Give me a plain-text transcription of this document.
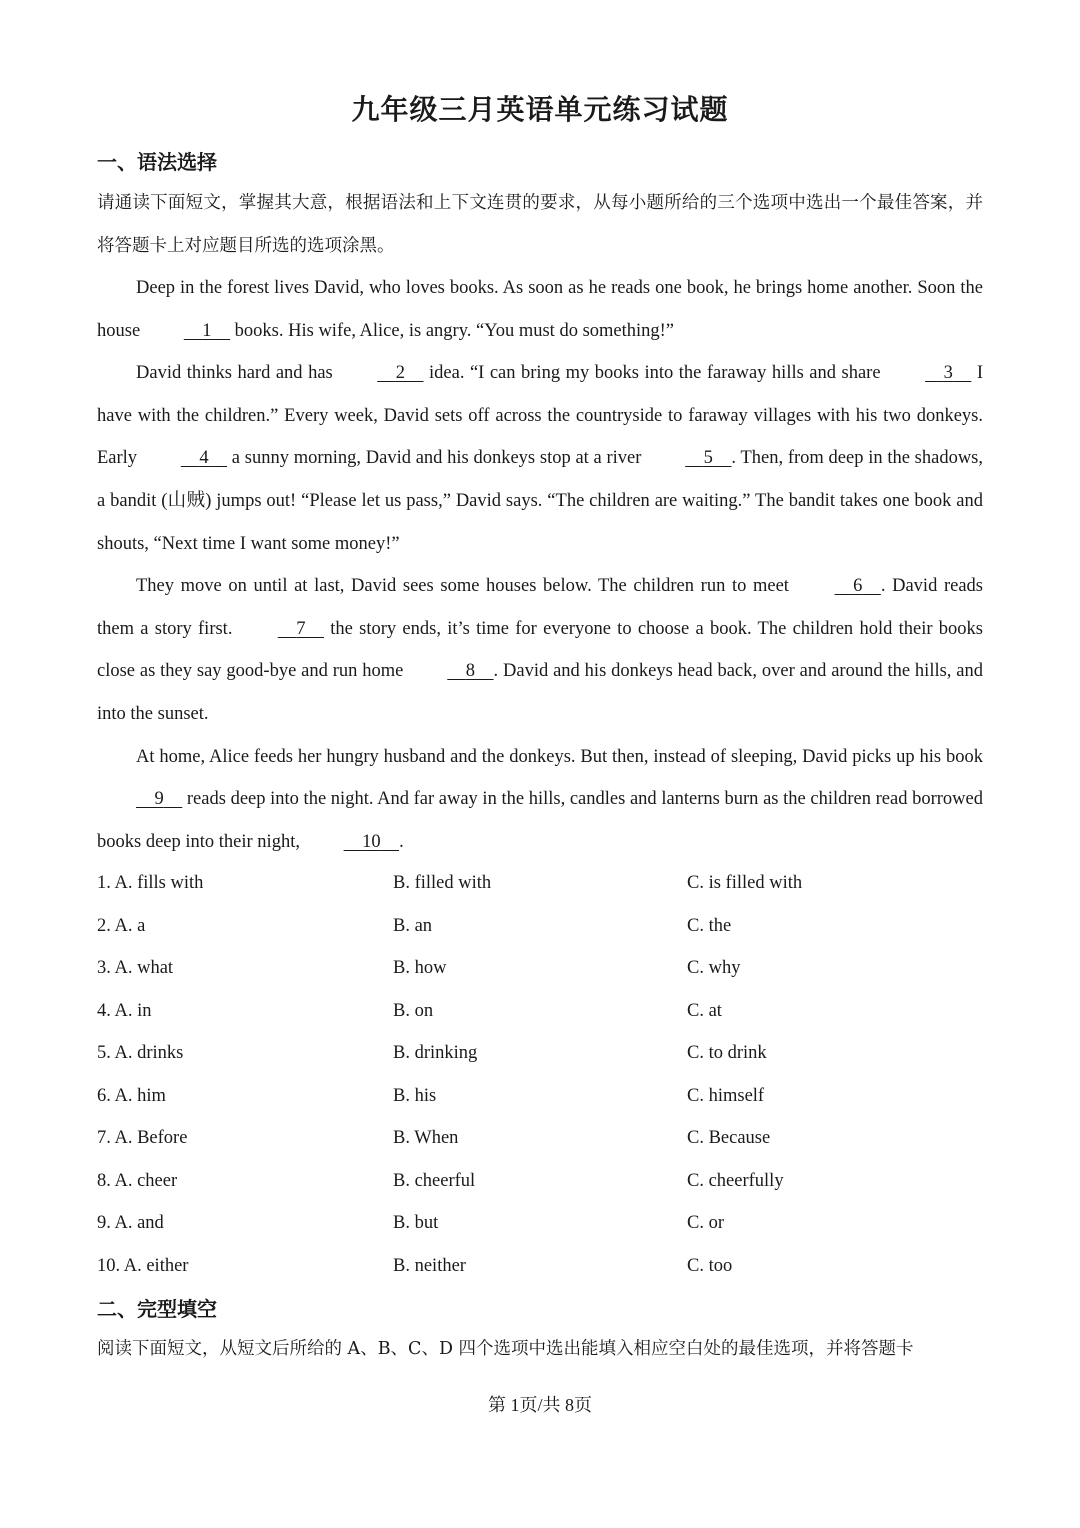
九年级三月英语单元练习试题
一、语法选择
请通读下面短文，掌握其大意，根据语法和上下文连贯的要求，从每小题所给的三个选项中选出一个最佳答案，并将答题卡上对应题目所选的选项涂黑。

Deep in the forest lives David, who loves books. As soon as he reads one book, he brings home another. Soon the house	1     books. His wife, Alice, is angry. “You must do something!”

David thinks hard and has	2     idea. “I can bring my books into the faraway hills and share	3     I have with the children.” Every week, David sets off across the countryside to faraway villages with his two donkeys. Early	4     a sunny morning, David and his donkeys stop at a river	5 . Then, from deep in the shadows, a bandit (山贼) jumps out! “Please let us pass,” David says. “The children are waiting.” The bandit takes one book and shouts, “Next time I want some money!”

They move on until at last, David sees some houses below. The children run to meet	6 . David reads them a story first.	7     the story ends, it’s time for everyone to choose a book. The children hold their books close as they say good-bye and run home	8 . David and his donkeys head back, over and around the hills, and into the sunset.

At home, Alice feeds her hungry husband and the donkeys. But then, instead of sleeping, David picks up his book     9     reads deep into the night. And far away in the hills, candles and lanterns burn as the children read borrowed books deep into their night,	10 .

1. A. fills with	B. filled with	C. is filled with
2. A. a	B. an	C. the
3. A. what	B. how	C. why
4. A. in	B. on	C. at
5. A. drinks	B. drinking	C. to drink
6. A. him	B. his	C. himself
7. A. Before	B. When	C. Because
8. A. cheer	B. cheerful	C. cheerfully
9. A. and	B. but	C. or
10. A. either	B. neither	C. too
二、完型填空
阅读下面短文，从短文后所给的 A、B、C、D 四个选项中选出能填入相应空白处的最佳选项，并将答题卡
第 1页/共 8页
